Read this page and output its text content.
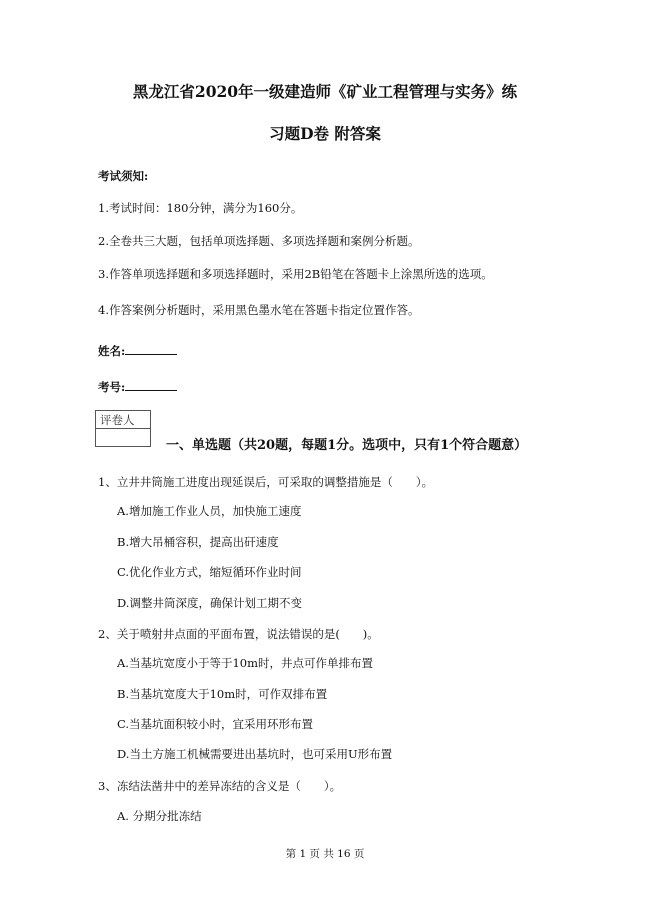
黑龙江省2020年一级建造师《矿业工程管理与实务》练
习题D卷 附答案
考试须知:
1.考试时间：180分钟，满分为160分。
2.全卷共三大题，包括单项选择题、多项选择题和案例分析题。
3.作答单项选择题和多项选择题时，采用2B铅笔在答题卡上涂黑所选的选项。
4.作答案例分析题时，采用黑色墨水笔在答题卡指定位置作答。
姓名:
考号:
评卷人
一、单选题（共20题，每题1分。选项中，只有1个符合题意）
1、立井井筒施工进度出现延误后，可采取的调整措施是（　　）。
A.增加施工作业人员，加快施工速度
B.增大吊桶容积，提高出矸速度
C.优化作业方式，缩短循环作业时间
D.调整井筒深度，确保计划工期不变
2、关于喷射井点面的平面布置，说法错误的是(　　)。
A.当基坑宽度小于等于10m时，井点可作单排布置
B.当基坑宽度大于10m时，可作双排布置
C.当基坑面积较小时，宜采用环形布置
D.当土方施工机械需要进出基坑时，也可采用U形布置
3、冻结法凿井中的差异冻结的含义是（　　）。
A. 分期分批冻结
第 1 页 共 16 页
